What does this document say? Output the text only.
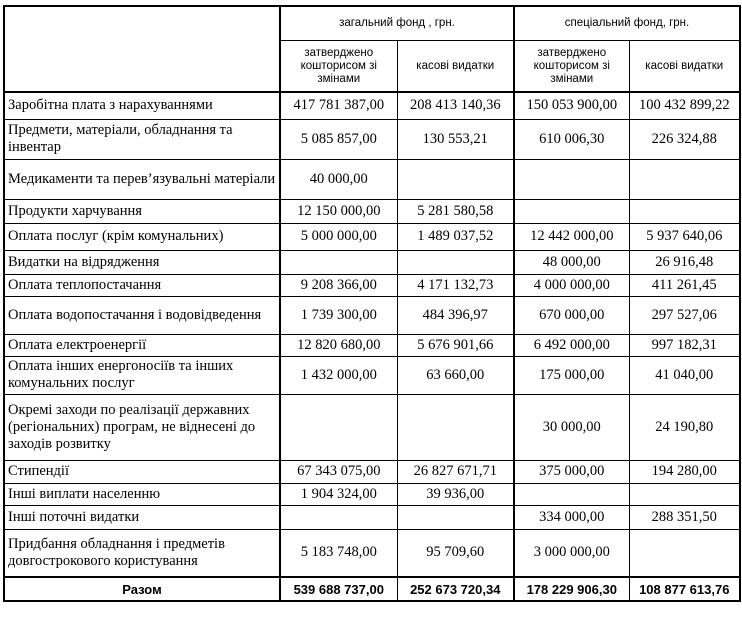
	загальний фонд , грн.		спеціальний фонд, грн.	
	затверджено кошторисом зі змінами	касові видатки	затверджено кошторисом зі змінами	касові видатки
Заробітна плата з нарахуваннями	417 781 387,00	208 413 140,36	150 053 900,00	100 432 899,22
Предмети, матеріали, обладнання та інвентар	5 085 857,00	130 553,21	610 006,30	226 324,88
Медикаменти та перев’язувальні матеріали	40 000,00			
Продукти харчування	12 150 000,00	5 281 580,58		
Оплата послуг (крім комунальних)	5 000 000,00	1 489 037,52	12 442 000,00	5 937 640,06
Видатки на відрядження			48 000,00	26 916,48
Оплата теплопостачання	9 208 366,00	4 171 132,73	4 000 000,00	411 261,45
Оплата водопостачання і водовідведення	1 739 300,00	484 396,97	670 000,00	297 527,06
Оплата електроенергії	12 820 680,00	5 676 901,66	6 492 000,00	997 182,31
Оплата інших енергоносіїв та інших комунальних послуг	1 432 000,00	63 660,00	175 000,00	41 040,00
Окремі заходи по реалізації державних (регіональних) програм, не віднесені до заходів розвитку			30 000,00	24 190,80
Стипендії	67 343 075,00	26 827 671,71	375 000,00	194 280,00
Інші виплати населенню	1 904 324,00	39 936,00		
Інші поточні видатки			334 000,00	288 351,50
Придбання обладнання і предметів довгострокового користування	5 183 748,00	95 709,60	3 000 000,00	
Разом	539 688 737,00	252 673 720,34	178 229 906,30	108 877 613,76
